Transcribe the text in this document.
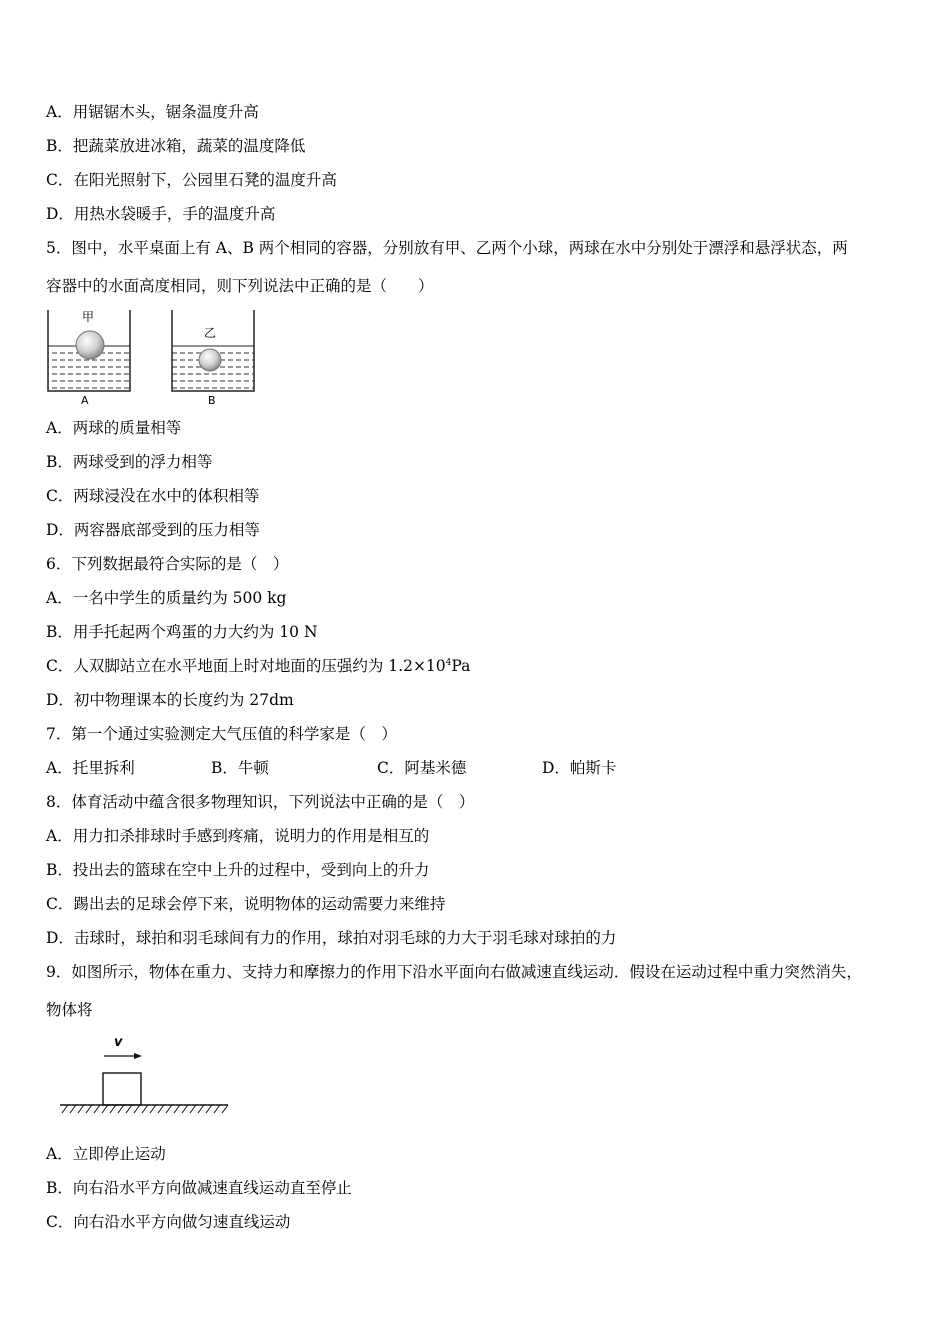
A．用锯锯木头，锯条温度升高
B．把蔬菜放进冰箱，蔬菜的温度降低
C．在阳光照射下，公园里石凳的温度升高
D．用热水袋暖手，手的温度升高
5．图中，水平桌面上有 A、B 两个相同的容器，分别放有甲、乙两个小球，两球在水中分别处于漂浮和悬浮状态，两
容器中的水面高度相同，则下列说法中正确的是（　　）
甲
A
乙
B
A．两球的质量相等
B．两球受到的浮力相等
C．两球浸没在水中的体积相等
D．两容器底部受到的压力相等
6．下列数据最符合实际的是（　）
A．一名中学生的质量约为 500 kg
B．用手托起两个鸡蛋的力大约为 10 N
C．人双脚站立在水平地面上时对地面的压强约为 $1.2\times 10^4Pa$
D．初中物理课本的长度约为 27dm
7．第一个通过实验测定大气压值的科学家是（　）
A．托里拆利	B．牛顿	C．阿基米德	D．帕斯卡
8．体育活动中蕴含很多物理知识，下列说法中正确的是（　）
A．用力扣杀排球时手感到疼痛，说明力的作用是相互的
B．投出去的篮球在空中上升的过程中，受到向上的升力
C．踢出去的足球会停下来，说明物体的运动需要力来维持
D．击球时，球拍和羽毛球间有力的作用，球拍对羽毛球的力大于羽毛球对球拍的力
9．如图所示，物体在重力、支持力和摩擦力的作用下沿水平面向右做减速直线运动．假设在运动过程中重力突然消失，
物体将
v
A．立即停止运动
B．向右沿水平方向做减速直线运动直至停止
C．向右沿水平方向做匀速直线运动
